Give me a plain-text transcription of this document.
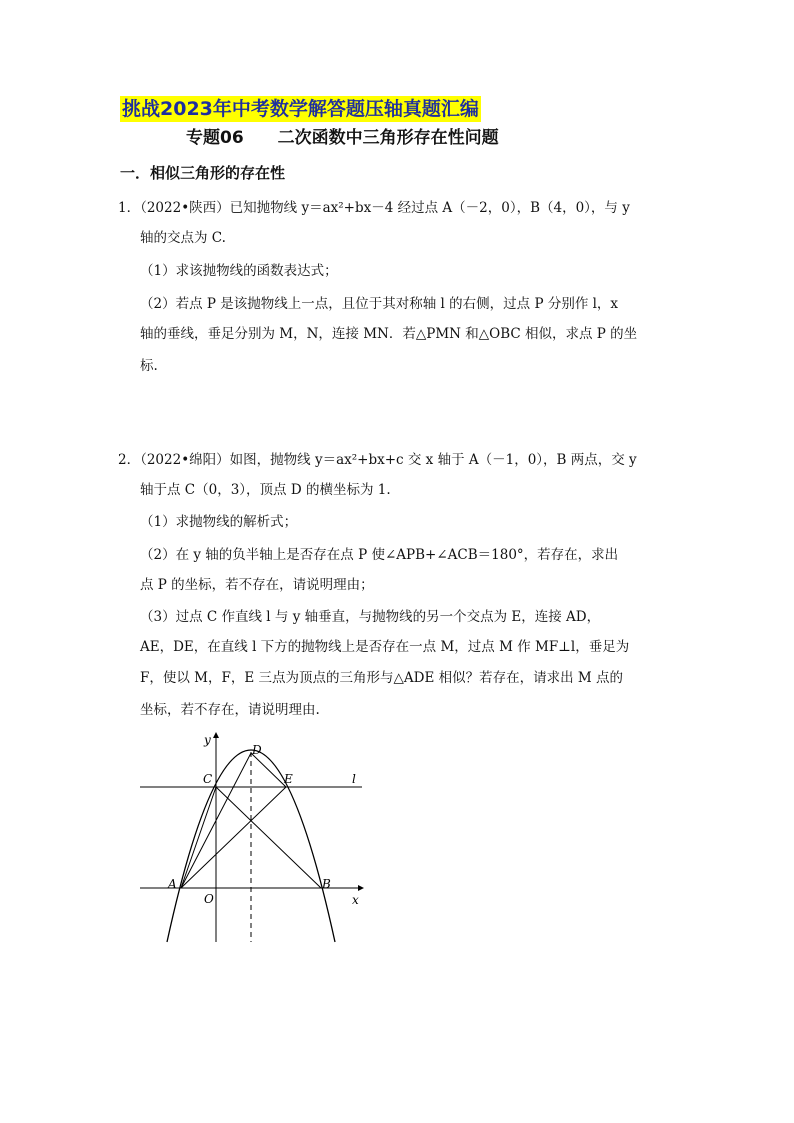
挑战2023年中考数学解答题压轴真题汇编
专题06　　二次函数中三角形存在性问题
一．相似三角形的存在性
1．（2022•陕西）已知抛物线 y＝ax²+bx－4 经过点 A（－2，0），B（4，0），与 y
轴的交点为 C.
（1）求该抛物线的函数表达式；
（2）若点 P 是该抛物线上一点，且位于其对称轴 l 的右侧，过点 P 分别作 l，x
轴的垂线，垂足分别为 M，N，连接 MN．若△PMN 和△OBC 相似，求点 P 的坐
标.
2．（2022•绵阳）如图，抛物线 y＝ax²+bx+c 交 x 轴于 A（－1，0），B 两点，交 y
轴于点 C（0，3），顶点 D 的横坐标为 1.
（1）求抛物线的解析式；
（2）在 y 轴的负半轴上是否存在点 P 使∠APB+∠ACB＝180°，若存在，求出
点 P 的坐标，若不存在，请说明理由；
（3）过点 C 作直线 l 与 y 轴垂直，与抛物线的另一个交点为 E，连接 AD，
AE，DE，在直线 l 下方的抛物线上是否存在一点 M，过点 M 作 MF⊥l，垂足为
F，使以 M，F，E 三点为顶点的三角形与△ADE 相似？若存在，请求出 M 点的
坐标，若不存在，请说明理由.
y
x
D
C	E	l
A
O
B
